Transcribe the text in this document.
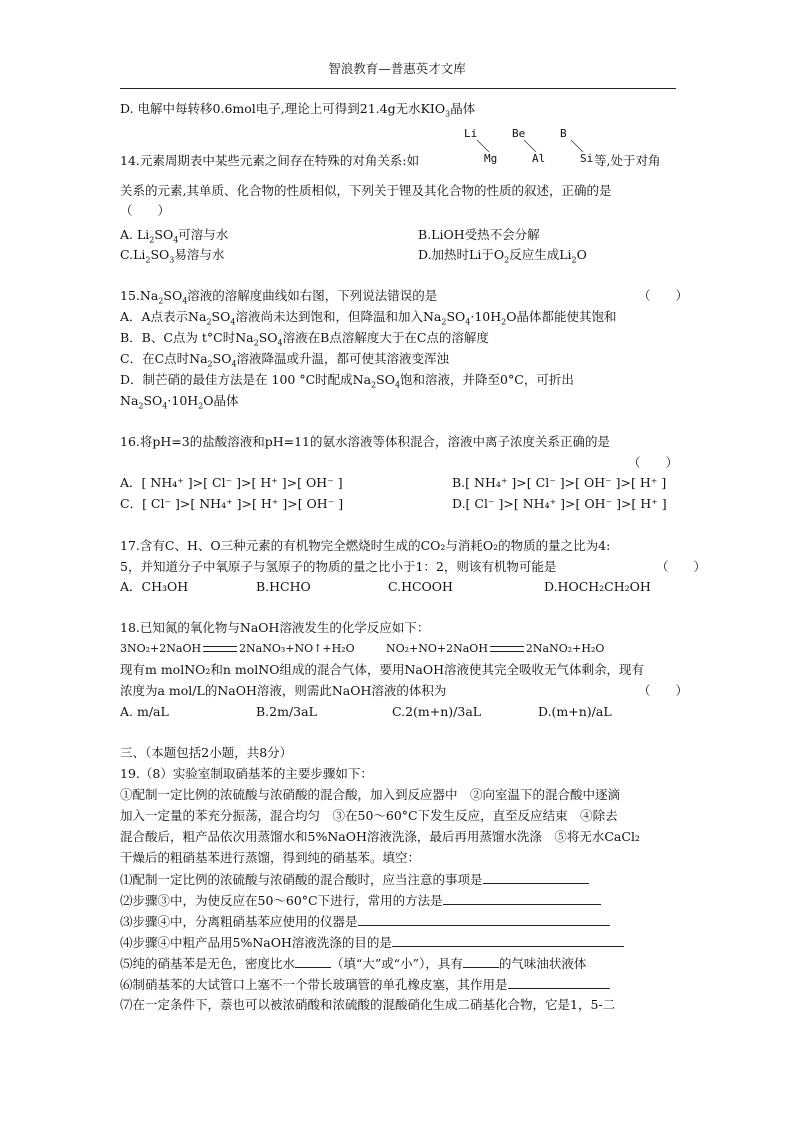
智浪教育—普惠英才文库
D. 电解中每转移0.6mol电子,理论上可得到21.4g无水$KIO_3$晶体
Li	Be	B
Mg	Al	Si
14.元素周期表中某些元素之间存在特殊的对角关系:如	等,处于对角
关系的元素,其单质、化合物的性质相似，下列关于锂及其化合物的性质的叙述，正确的是
（　　）
A. $Li_2SO_4$可溶与水	B.LiOH受热不会分解
$C.Li_2SO_3$易溶与水	D.加热时Li于$O_2$反应生成$Li_2O$
$15.Na_2SO_4$溶液的溶解度曲线如右图，下列说法错误的是	（　　）
A．A点表示$Na_2SO_4$溶液尚未达到饱和，但降温和加入$Na_2SO_4\cdot 10H_2O$晶体都能使其饱和
B．B、C点为 t°C时$Na_2SO_4$溶液在B点溶解度大于在C点的溶解度
C．在C点时$Na_2SO_4$溶液降温或升温，都可使其溶液变浑浊
D．制芒硝的最佳方法是在 100 °C时配成$Na_2SO_4$饱和溶液，并降至0°C，可折出
$Na_2SO_4\cdot 10H_2O$晶体
16.将pH=3的盐酸溶液和pH=11的氨水溶液等体积混合，溶液中离子浓度关系正确的是
（　　）
A．[ NH₄⁺ ]>[ Cl⁻ ]>[ H⁺ ]>[ OH⁻ ]	B.[ NH₄⁺ ]>[ Cl⁻ ]>[ OH⁻ ]>[ H⁺ ]
C．[ Cl⁻ ]>[ NH₄⁺ ]>[ H⁺ ]>[ OH⁻ ]	D.[ Cl⁻ ]>[ NH₄⁺ ]>[ OH⁻ ]>[ H⁺ ]
17.含有C、H、O三种元素的有机物完全燃烧时生成的CO₂与消耗O₂的物质的量之比为4:
5，并知道分子中氧原子与氢原子的物质的量之比小于1：2，则该有机物可能是	（　　）
A．CH₃OH	B.HCHO	C.HCOOH	D.HOCH₂CH₂OH
18.已知氮的氧化物与NaOH溶液发生的化学反应如下：
3NO₂+2NaOH	2NaNO₃+NO↑+H₂O	NO₂+NO+2NaOH	2NaNO₂+H₂O
现有m molNO₂和n molNO组成的混合气体，要用NaOH溶液使其完全吸收无气体剩余，现有
浓度为a mol/L的NaOH溶液，则需此NaOH溶液的体积为	（　　）
A. m/aL	B.2m/3aL	C.2(m+n)/3aL	D.(m+n)/aL
三、（本题包括2小题，共8分）
19.（8）实验室制取硝基苯的主要步骤如下：
①配制一定比例的浓硫酸与浓硝酸的混合酸，加入到反应器中　②向室温下的混合酸中逐滴
加入一定量的苯充分振荡，混合均匀　③在50～60°C下发生反应，直至反应结束　④除去
混合酸后，粗产品依次用蒸馏水和5%NaOH溶液洗涤，最后再用蒸馏水洗涤　⑤将无水CaCl₂
干燥后的粗硝基苯进行蒸馏，得到纯的硝基苯。填空：
⑴配制一定比例的浓硫酸与浓硝酸的混合酸时，应当注意的事项是
⑵步骤③中，为使反应在50～60°C下进行，常用的方法是
⑶步骤④中，分离粗硝基苯应使用的仪器是
⑷步骤④中粗产品用5%NaOH溶液洗涤的目的是
⑸纯的硝基苯是无色，密度比水	（填“大”或“小”），具有	的气味油状液体
⑹制硝基苯的大试管口上塞不一个带长玻璃管的单孔橡皮塞，其作用是
⑺在一定条件下，萘也可以被浓硝酸和浓硫酸的混酸硝化生成二硝基化合物，它是1，5-二
